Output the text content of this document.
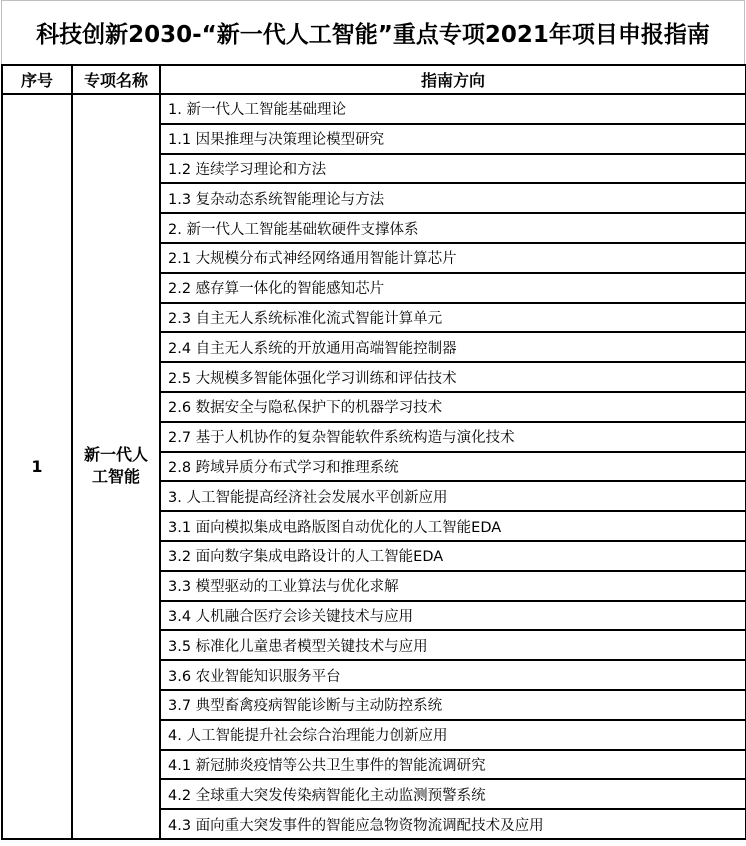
科技创新2030-“新一代人工智能”重点专项2021年项目申报指南
序号	专项名称	指南方向
1	新一代人工智能	1. 新一代人工智能基础理论
		1.1 因果推理与决策理论模型研究
		1.2 连续学习理论和方法
		1.3 复杂动态系统智能理论与方法
		2. 新一代人工智能基础软硬件支撑体系
		2.1 大规模分布式神经网络通用智能计算芯片
		2.2 感存算一体化的智能感知芯片
		2.3 自主无人系统标准化流式智能计算单元
		2.4 自主无人系统的开放通用高端智能控制器
		2.5 大规模多智能体强化学习训练和评估技术
		2.6 数据安全与隐私保护下的机器学习技术
		2.7 基于人机协作的复杂智能软件系统构造与演化技术
		2.8 跨域异质分布式学习和推理系统
		3. 人工智能提高经济社会发展水平创新应用
		3.1 面向模拟集成电路版图自动优化的人工智能EDA
		3.2 面向数字集成电路设计的人工智能EDA
		3.3 模型驱动的工业算法与优化求解
		3.4 人机融合医疗会诊关键技术与应用
		3.5 标准化儿童患者模型关键技术与应用
		3.6 农业智能知识服务平台
		3.7 典型畜禽疫病智能诊断与主动防控系统
		4. 人工智能提升社会综合治理能力创新应用
		4.1 新冠肺炎疫情等公共卫生事件的智能流调研究
		4.2 全球重大突发传染病智能化主动监测预警系统
		4.3 面向重大突发事件的智能应急物资物流调配技术及应用
